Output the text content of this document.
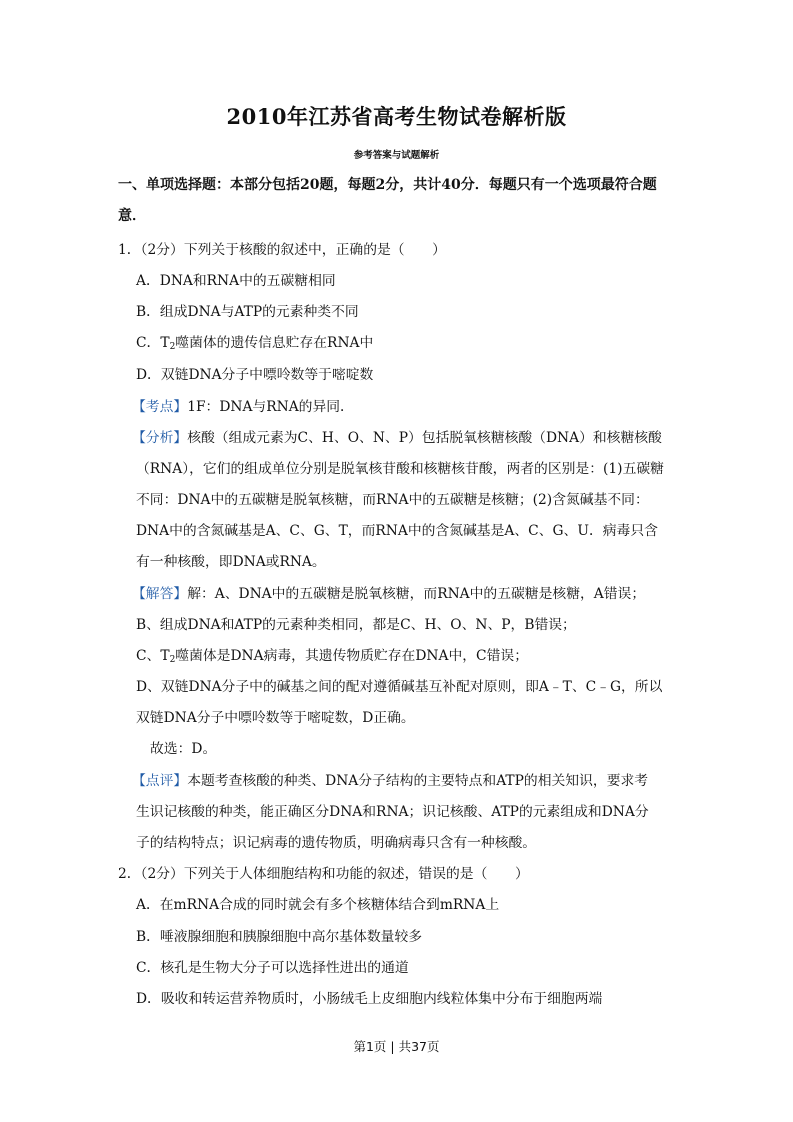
2010年江苏省高考生物试卷解析版
参考答案与试题解析
一、单项选择题：本部分包括20题，每题2分，共计40分．每题只有一个选项最符合题
意．
1．（2分）下列关于核酸的叙述中，正确的是（　　）
A．DNA和RNA中的五碳糖相同
B．组成DNA与ATP的元素种类不同
C．$T_2$噬菌体的遗传信息贮存在RNA中
D．双链DNA分子中嘌呤数等于嘧啶数
【考点】1F：DNA与RNA的异同．
【分析】核酸（组成元素为C、H、O、N、P）包括脱氧核糖核酸（DNA）和核糖核酸
（RNA），它们的组成单位分别是脱氧核苷酸和核糖核苷酸，两者的区别是：(1)五碳糖
不同：DNA中的五碳糖是脱氧核糖，而RNA中的五碳糖是核糖；(2)含氮碱基不同：
DNA中的含氮碱基是A、C、G、T，而RNA中的含氮碱基是A、C、G、U．病毒只含
有一种核酸，即DNA或RNA。
【解答】解：A、DNA中的五碳糖是脱氧核糖，而RNA中的五碳糖是核糖，A错误；
B、组成DNA和ATP的元素种类相同，都是C、H、O、N、P，B错误；
C、$T_2$噬菌体是DNA病毒，其遗传物质贮存在DNA中，C错误；
D、双链DNA分子中的碱基之间的配对遵循碱基互补配对原则，即A﹣T、C﹣G，所以
双链DNA分子中嘌呤数等于嘧啶数，D正确。
故选：D。
【点评】本题考查核酸的种类、DNA分子结构的主要特点和ATP的相关知识，要求考
生识记核酸的种类，能正确区分DNA和RNA；识记核酸、ATP的元素组成和DNA分
子的结构特点；识记病毒的遗传物质，明确病毒只含有一种核酸。
2．（2分）下列关于人体细胞结构和功能的叙述，错误的是（　　）
A．在mRNA合成的同时就会有多个核糖体结合到mRNA上
B．唾液腺细胞和胰腺细胞中高尔基体数量较多
C．核孔是生物大分子可以选择性进出的通道
D．吸收和转运营养物质时，小肠绒毛上皮细胞内线粒体集中分布于细胞两端
第1页 | 共37页
